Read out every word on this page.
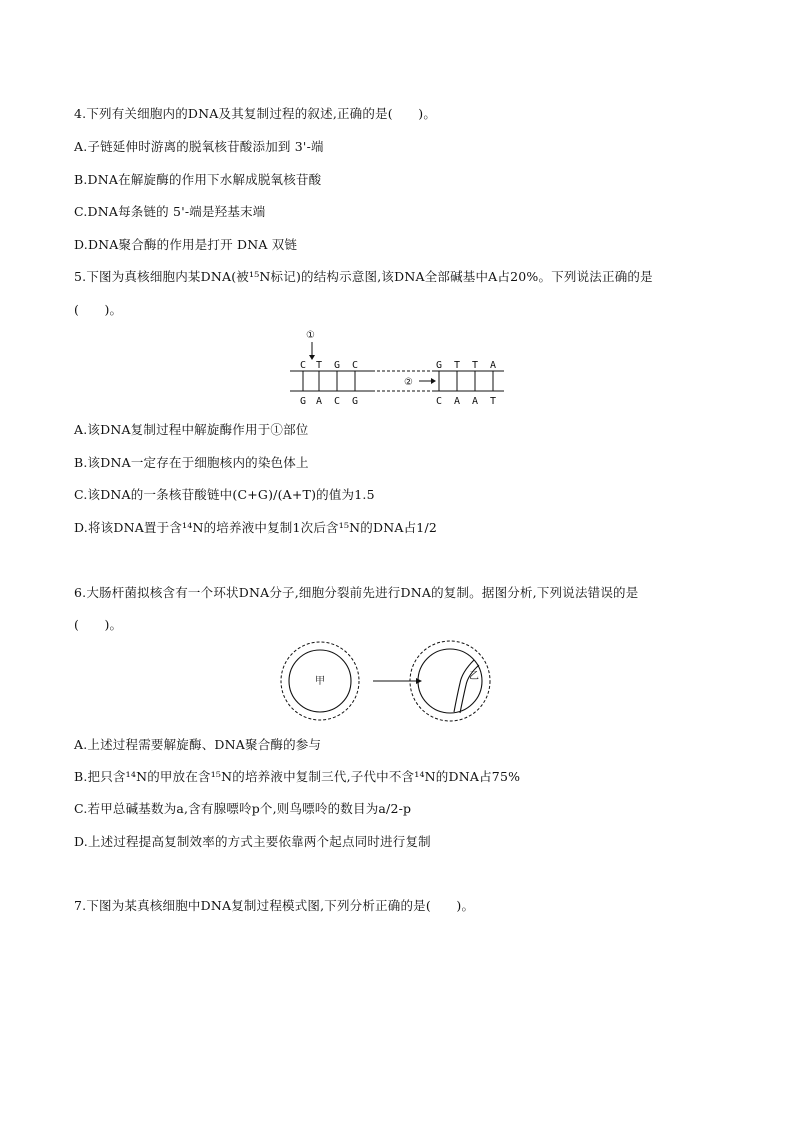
4.下列有关细胞内的DNA及其复制过程的叙述,正确的是(　　)。
A.子链延伸时游离的脱氧核苷酸添加到 3'-端
B.DNA在解旋酶的作用下水解成脱氧核苷酸
C.DNA每条链的 5'-端是羟基末端
D.DNA聚合酶的作用是打开 DNA 双链
5.下图为真核细胞内某DNA(被¹⁵N标记)的结构示意图,该DNA全部碱基中A占20%。下列说法正确的是
(　　)。
①
C T G C	G T T A
②
G A C G	C A A T
A.该DNA复制过程中解旋酶作用于①部位
B.该DNA一定存在于细胞核内的染色体上
C.该DNA的一条核苷酸链中(C+G)/(A+T)的值为1.5
D.将该DNA置于含¹⁴N的培养液中复制1次后含¹⁵N的DNA占1/2
6.大肠杆菌拟核含有一个环状DNA分子,细胞分裂前先进行DNA的复制。据图分析,下列说法错误的是
(　　)。
甲	乙
A.上述过程需要解旋酶、DNA聚合酶的参与
B.把只含¹⁴N的甲放在含¹⁵N的培养液中复制三代,子代中不含¹⁴N的DNA占75%
C.若甲总碱基数为a,含有腺嘌呤p个,则鸟嘌呤的数目为a/2-p
D.上述过程提高复制效率的方式主要依靠两个起点同时进行复制
7.下图为某真核细胞中DNA复制过程模式图,下列分析正确的是(　　)。
